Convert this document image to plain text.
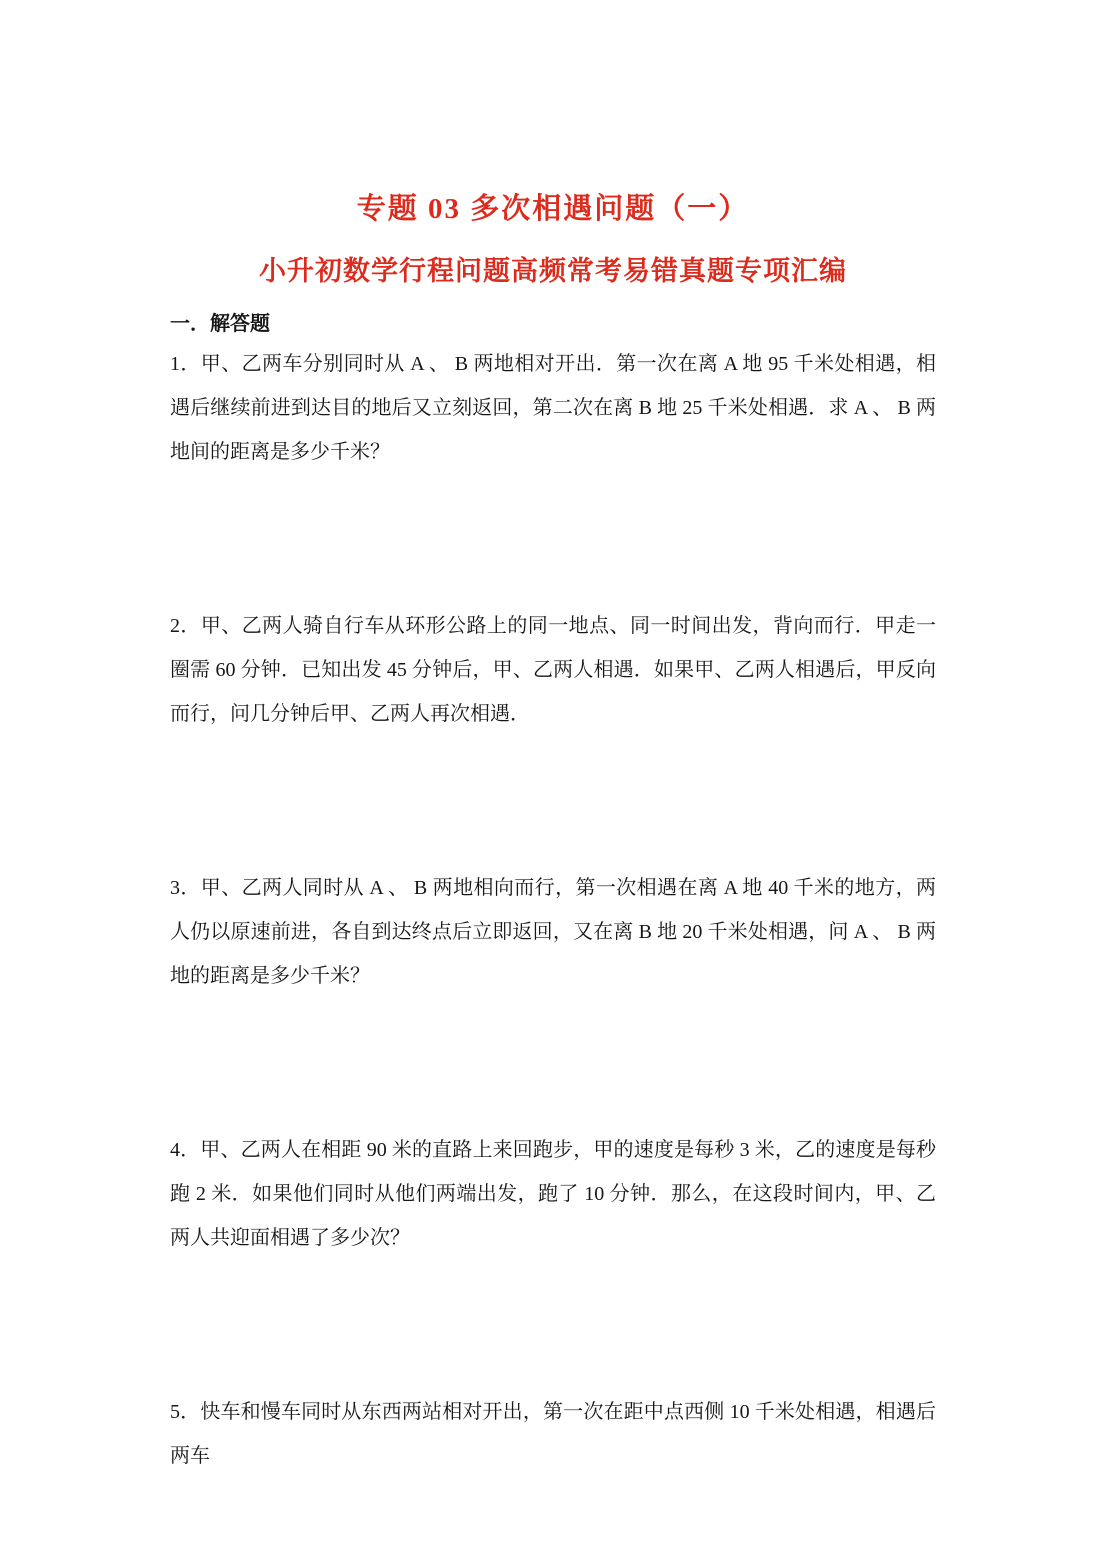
专题 03 多次相遇问题（一）
小升初数学行程问题高频常考易错真题专项汇编
一．解答题

1．甲、乙两车分别同时从 A 、 B 两地相对开出．第一次在离 A 地 95 千米处相遇，相遇后继续前进到达目的地后又立刻返回，第二次在离 B 地 25 千米处相遇．求 A 、 B 两地间的距离是多少千米？

2．甲、乙两人骑自行车从环形公路上的同一地点、同一时间出发，背向而行．甲走一圈需 60 分钟．已知出发 45 分钟后，甲、乙两人相遇．如果甲、乙两人相遇后，甲反向而行，问几分钟后甲、乙两人再次相遇．

3．甲、乙两人同时从 A 、 B 两地相向而行，第一次相遇在离 A 地 40 千米的地方，两人仍以原速前进，各自到达终点后立即返回，又在离 B 地 20 千米处相遇，问 A 、 B 两地的距离是多少千米？

4．甲、乙两人在相距 90 米的直路上来回跑步，甲的速度是每秒 3 米，乙的速度是每秒跑 2 米．如果他们同时从他们两端出发，跑了 10 分钟．那么，在这段时间内，甲、乙两人共迎面相遇了多少次？

5．快车和慢车同时从东西两站相对开出，第一次在距中点西侧 10 千米处相遇，相遇后两车
